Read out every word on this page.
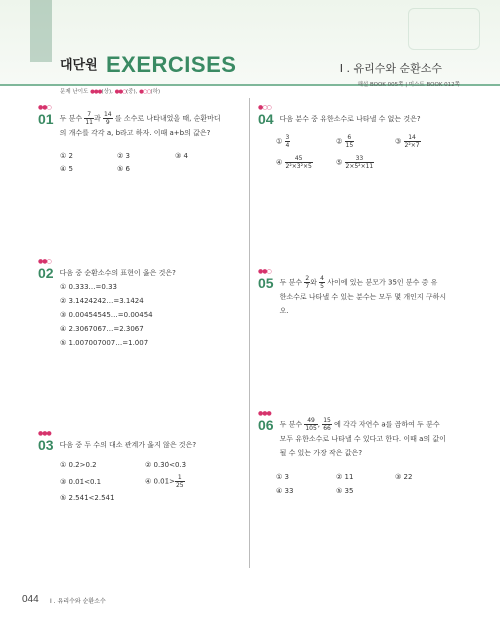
대단원 EXERCISES	I . 유리수와 순환소수
해설 BOOK 005쪽 | 미스트 BOOK 012쪽
문제 난이도 ●●●(상), ●●○(중), ●○○(하)
●●○
01 두 분수 $\frac{7}{11}$ 과 $\frac{14}{9}$ 를 소수로 나타내었을 때, 순환마디
의 개수를 각각 a, b라고 하자. 이때 a+b의 값은?
① 2	② 3	③ 4
④ 5	⑤ 6
●●○
02 다음 중 순환소수의 표현이 옳은 것은?
① 0.333…=0.33̇
② 3.1424242…=3.14̇24̇
③ 0.00454545…=0.0045̇4̇
④ 2.3067067…=2.3̇067̇
⑤ 1.007007007…=1.0̇07̇
●●●
03 다음 중 두 수의 대소 관계가 옳지 않은 것은?
① 0.2̇>0.2	② 0.3̇0̇<0.3̇
③ 0.0̇1̇<0.1	④ 0.0̇1̇> $\frac{1}{25}$
⑤ 2.54̇1̇<2.5̇4̇1̇
●○○
04 다음 분수 중 유한소수로 나타낼 수 없는 것은?
① $\frac{3}{4}$	② $\frac{6}{15}$	③ $\frac{14}{\text{2²×7}}$
④ $\frac{45}{\text{2²×3²×5}}$	⑤ $\frac{33}{\text{2×5²×11}}$
●●○
05 두 분수 $\frac{2}{7}$ 와 $\frac{4}{5}$ 사이에 있는 분모가 35인 분수 중 유
한소수로 나타낼 수 있는 분수는 모두 몇 개인지 구하시
오.
●●●
06 두 분수 $\frac{49}{105}$ , $\frac{15}{66}$ 에 각각 자연수 a를 곱하여 두 분수
모두 유한소수로 나타낼 수 있다고 한다. 이때 a의 값이
될 수 있는 가장 작은 값은?
① 3	② 11	③ 22
④ 33	⑤ 35
044 I . 유리수와 순환소수
